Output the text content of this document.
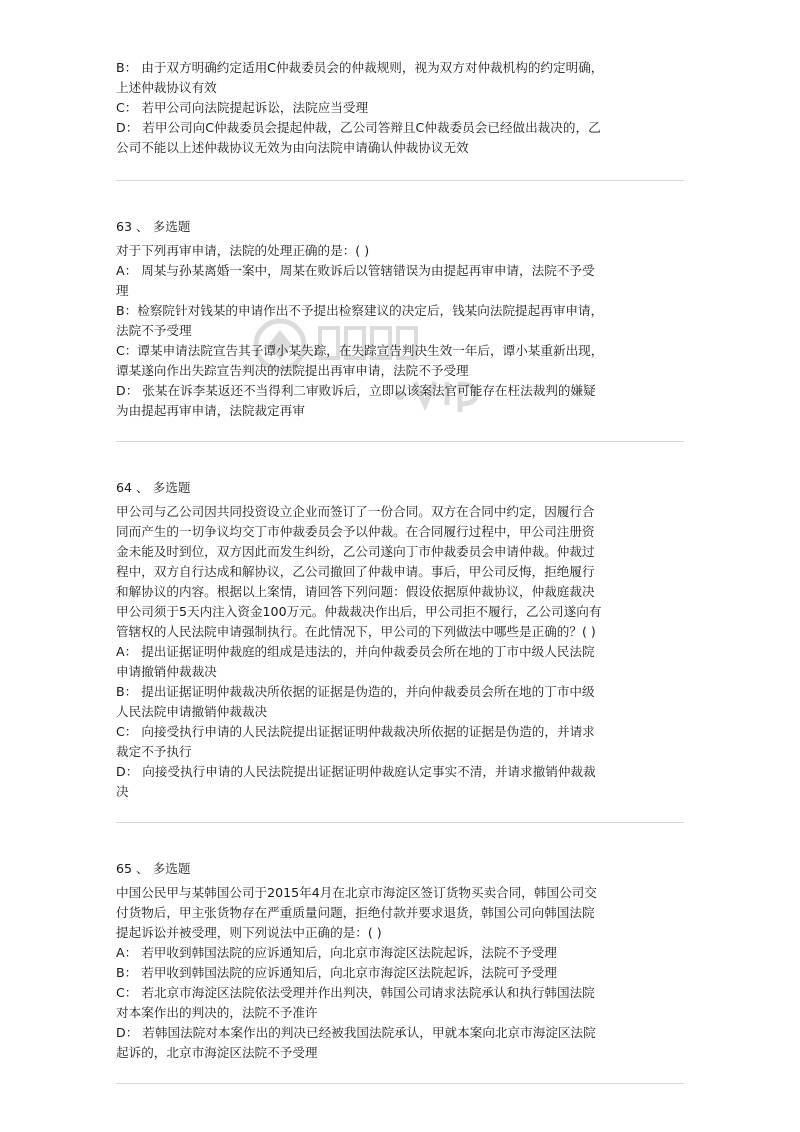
B： 由于双方明确约定适用C仲裁委员会的仲裁规则，视为双方对仲裁机构的约定明确，
上述仲裁协议有效
C： 若甲公司向法院提起诉讼，法院应当受理
D： 若甲公司向C仲裁委员会提起仲裁，乙公司答辩且C仲裁委员会已经做出裁决的，乙
公司不能以上述仲裁协议无效为由向法院申请确认仲裁协议无效
63 、 多选题
对于下列再审申请，法院的处理正确的是：( )
A： 周某与孙某离婚一案中，周某在败诉后以管辖错误为由提起再审申请，法院不予受
理
B：检察院针对钱某的申请作出不予提出检察建议的决定后，钱某向法院提起再审申请，
法院不予受理
C：谭某申请法院宣告其子谭小某失踪，在失踪宣告判决生效一年后，谭小某重新出现，
谭某遂向作出失踪宣告判决的法院提出再审申请，法院不予受理
D： 张某在诉李某返还不当得利二审败诉后，立即以该案法官可能存在枉法裁判的嫌疑
为由提起再审申请，法院裁定再审
64 、 多选题
甲公司与乙公司因共同投资设立企业而签订了一份合同。双方在合同中约定，因履行合
同而产生的一切争议均交丁市仲裁委员会予以仲裁。在合同履行过程中，甲公司注册资
金未能及时到位，双方因此而发生纠纷，乙公司遂向丁市仲裁委员会申请仲裁。仲裁过
程中，双方自行达成和解协议，乙公司撤回了仲裁申请。事后，甲公司反悔，拒绝履行
和解协议的内容。根据以上案情，请回答下列问题：假设依据原仲裁协议，仲裁庭裁决
甲公司须于5天内注入资金100万元。仲裁裁决作出后，甲公司拒不履行，乙公司遂向有
管辖权的人民法院申请强制执行。在此情况下，甲公司的下列做法中哪些是正确的？( )
A： 提出证据证明仲裁庭的组成是违法的，并向仲裁委员会所在地的丁市中级人民法院
申请撤销仲裁裁决
B： 提出证据证明仲裁裁决所依据的证据是伪造的，并向仲裁委员会所在地的丁市中级
人民法院申请撤销仲裁裁决
C： 向接受执行申请的人民法院提出证据证明仲裁裁决所依据的证据是伪造的，并请求
裁定不予执行
D： 向接受执行申请的人民法院提出证据证明仲裁庭认定事实不清，并请求撤销仲裁裁
决
65 、 多选题
中国公民甲与某韩国公司于2015年4月在北京市海淀区签订货物买卖合同，韩国公司交
付货物后，甲主张货物存在严重质量问题，拒绝付款并要求退货，韩国公司向韩国法院
提起诉讼并被受理，则下列说法中正确的是：( )
A： 若甲收到韩国法院的应诉通知后，向北京市海淀区法院起诉，法院不予受理
B： 若甲收到韩国法院的应诉通知后，向北京市海淀区法院起诉，法院可予受理
C： 若北京市海淀区法院依法受理并作出判决，韩国公司请求法院承认和执行韩国法院
对本案作出的判决的，法院不予准许
D： 若韩国法院对本案作出的判决已经被我国法院承认，甲就本案向北京市海淀区法院
起诉的，北京市海淀区法院不予受理
